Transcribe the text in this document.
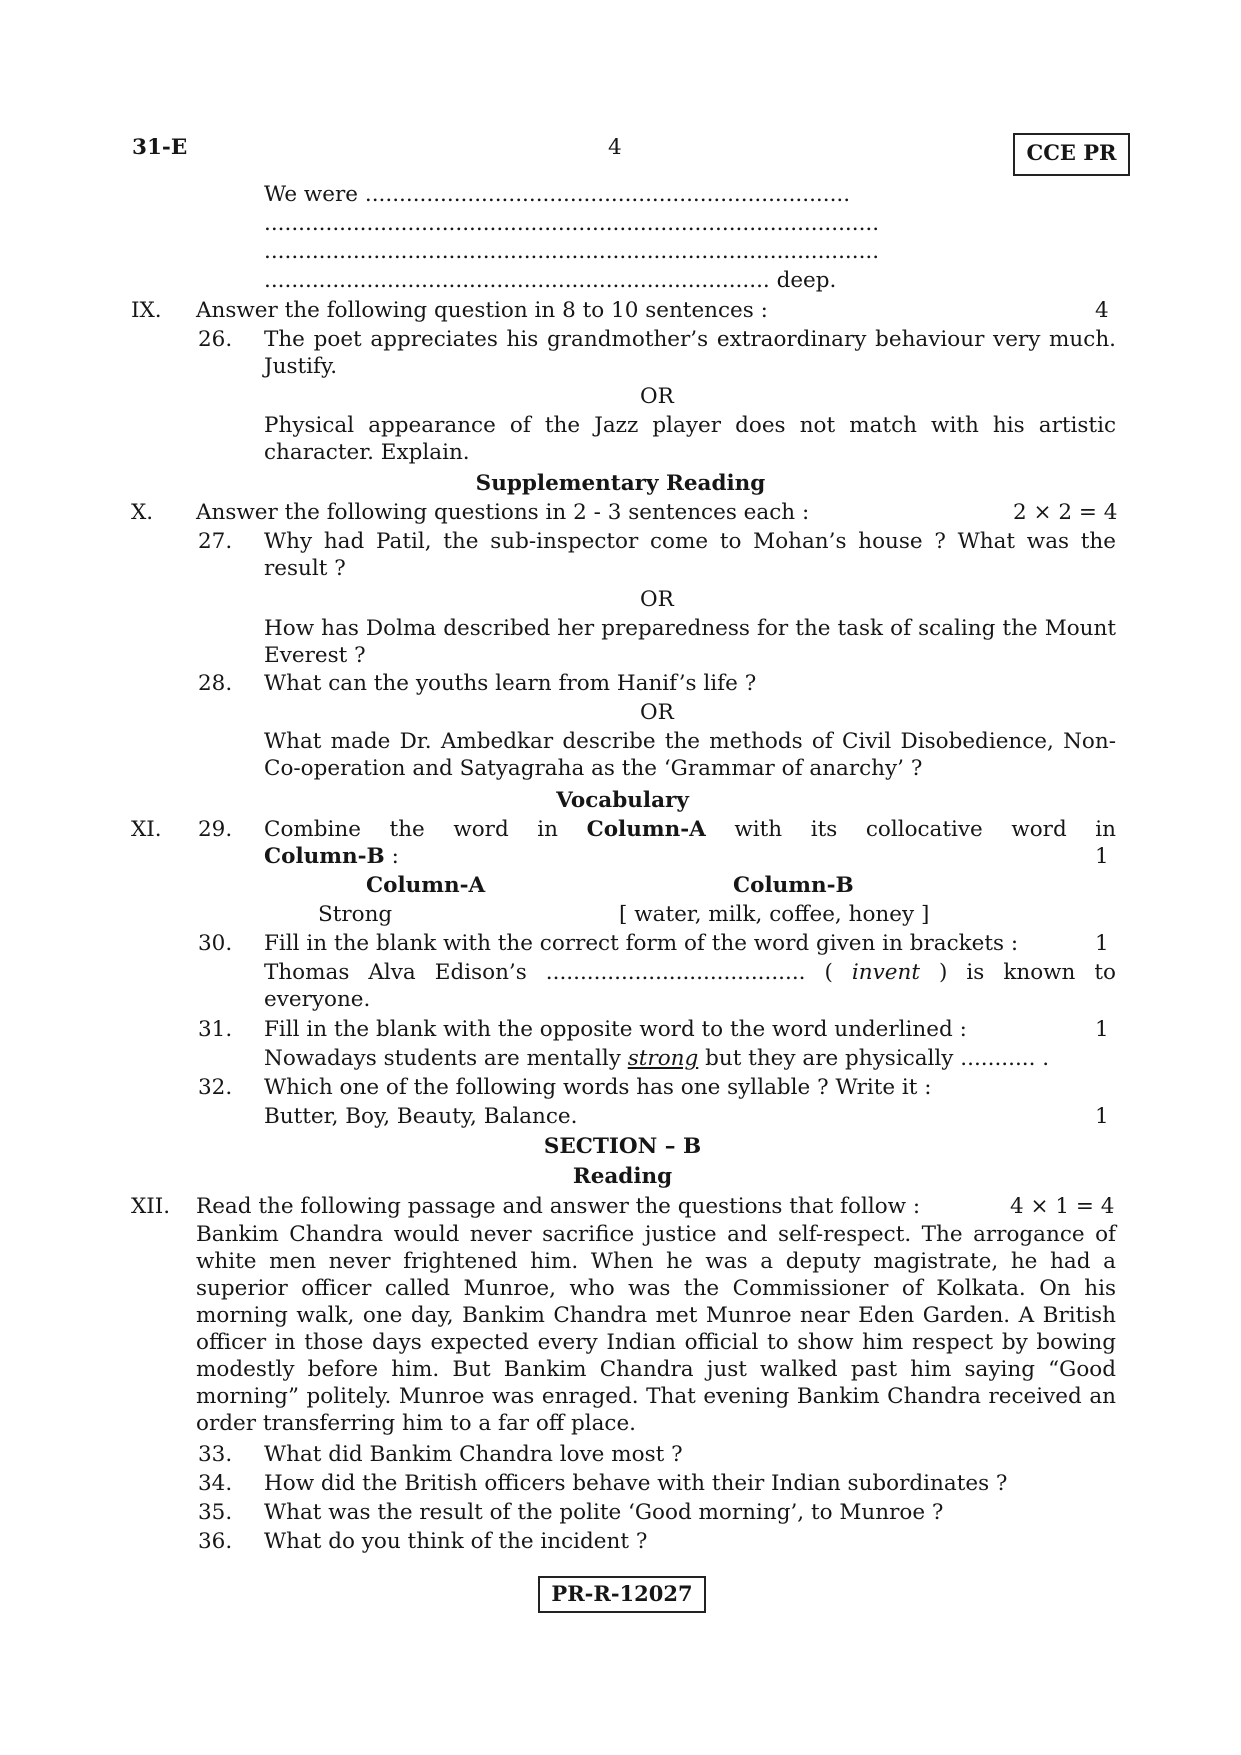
31-E	4	CCE PR
We were .......................................................................
..........................................................................................
..........................................................................................
.......................................................................... deep.
IX. Answer the following question in 8 to 10 sentences :	4
26. The poet appreciates his grandmother’s extraordinary behaviour very much. Justify.
OR
Physical appearance of the Jazz player does not match with his artistic character. Explain.
Supplementary Reading
X. Answer the following questions in 2 - 3 sentences each :	2 × 2 = 4
27. Why had Patil, the sub-inspector come to Mohan’s house ? What was the result ?
OR
How has Dolma described her preparedness for the task of scaling the Mount Everest ?
28. What can the youths learn from Hanif’s life ?
OR
What made Dr. Ambedkar describe the methods of Civil Disobedience, Non-Co-operation and Satyagraha as the ‘Grammar of anarchy’ ?
Vocabulary
XI. 29. Combine the word in Column-A with its collocative word in
Column-B :	1
Column-A	Column-B
Strong	[ water, milk, coffee, honey ]
30. Fill in the blank with the correct form of the word given in brackets :	1
Thomas Alva Edison’s ...................................... ( invent ) is known to everyone.
31. Fill in the blank with the opposite word to the word underlined :	1
Nowadays students are mentally strong but they are physically ........... .
32. Which one of the following words has one syllable ? Write it :
Butter, Boy, Beauty, Balance.	1
SECTION – B
Reading
XII. Read the following passage and answer the questions that follow :	4 × 1 = 4
Bankim Chandra would never sacrifice justice and self-respect. The arrogance of white men never frightened him. When he was a deputy magistrate, he had a superior officer called Munroe, who was the Commissioner of Kolkata. On his morning walk, one day, Bankim Chandra met Munroe near Eden Garden. A British officer in those days expected every Indian official to show him respect by bowing modestly before him. But Bankim Chandra just walked past him saying “Good morning” politely. Munroe was enraged. That evening Bankim Chandra received an order transferring him to a far off place.
33. What did Bankim Chandra love most ?
34. How did the British officers behave with their Indian subordinates ?
35. What was the result of the polite ‘Good morning’, to Munroe ?
36. What do you think of the incident ?
PR-R-12027
